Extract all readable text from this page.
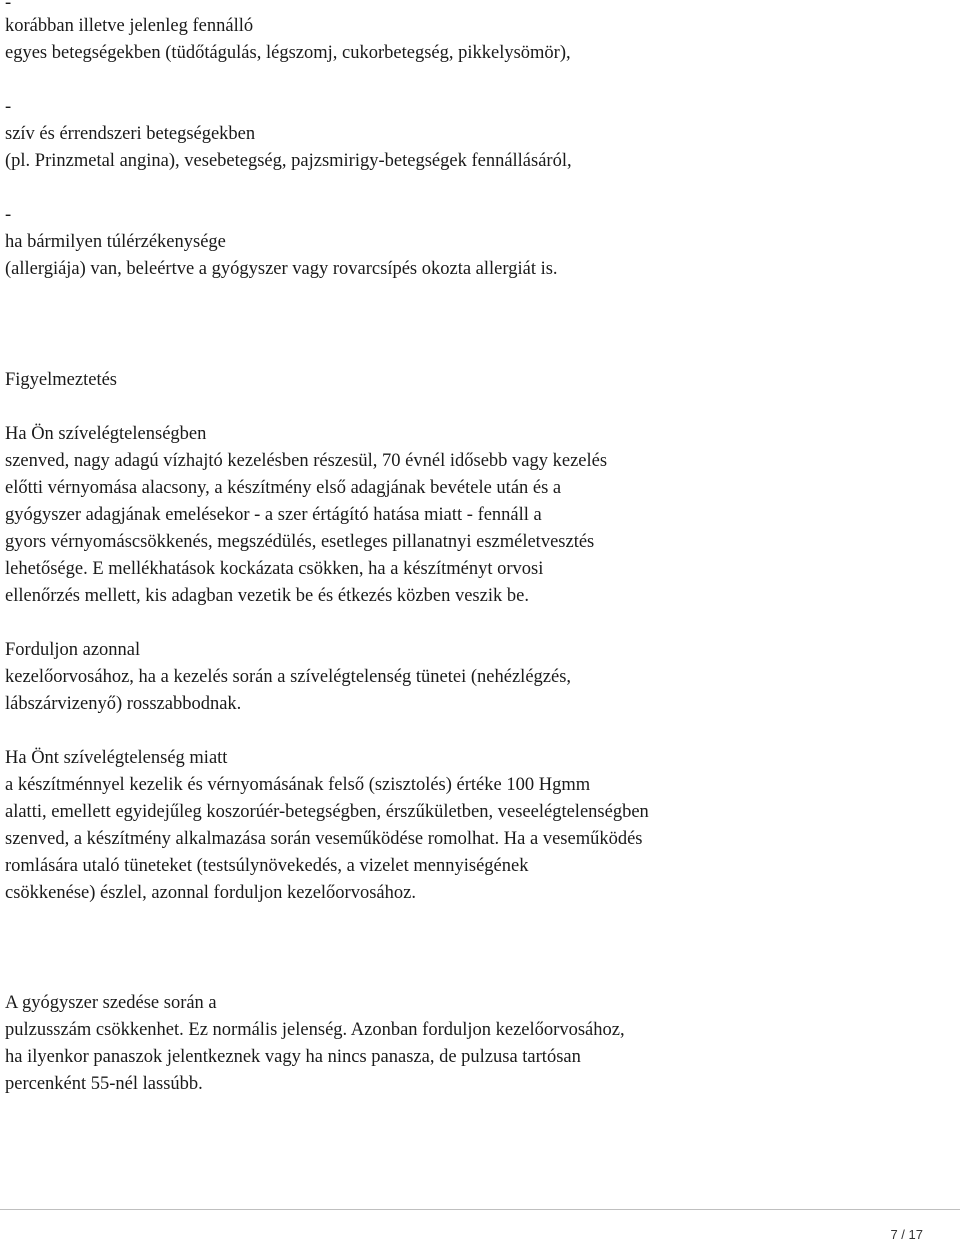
-
korábban illetve jelenleg fennálló
egyes betegségekben (tüdőtágulás, légszomj, cukorbetegség, pikkelysömör),
-
szív és érrendszeri betegségekben
(pl. Prinzmetal angina), vesebetegség, pajzsmirigy-betegségek fennállásáról,
-
ha bármilyen túlérzékenysége
(allergiája) van, beleértve a gyógyszer vagy rovarcsípés okozta allergiát is.
Figyelmeztetés
Ha Ön szívelégtelenségben
szenved, nagy adagú vízhajtó kezelésben részesül, 70 évnél idősebb vagy kezelés
előtti vérnyomása alacsony, a készítmény első adagjának bevétele után és a
gyógyszer adagjának emelésekor - a szer értágító hatása miatt - fennáll a
gyors vérnyomáscsökkenés, megszédülés, esetleges pillanatnyi eszméletvesztés
lehetősége. E mellékhatások kockázata csökken, ha a készítményt orvosi
ellenőrzés mellett, kis adagban vezetik be és étkezés közben veszik be.
Forduljon azonnal
kezelőorvosához, ha a kezelés során a szívelégtelenség tünetei (nehézlégzés,
lábszárvizenyő) rosszabbodnak.
Ha Önt szívelégtelenség miatt
a készítménnyel kezelik és vérnyomásának felső (szisztolés) értéke 100 Hgmm
alatti, emellett egyidejűleg koszorúér-betegségben, érszűkületben, veseelégtelenségben
szenved, a készítmény alkalmazása során veseműködése romolhat. Ha a veseműködés
romlására utaló tüneteket (testsúlynövekedés, a vizelet mennyiségének
csökkenése) észlel, azonnal forduljon kezelőorvosához.
A gyógyszer szedése során a
pulzusszám csökkenhet. Ez normális jelenség. Azonban forduljon kezelőorvosához,
ha ilyenkor panaszok jelentkeznek vagy ha nincs panasza, de pulzusa tartósan
percenként 55-nél lassúbb.
7 / 17
